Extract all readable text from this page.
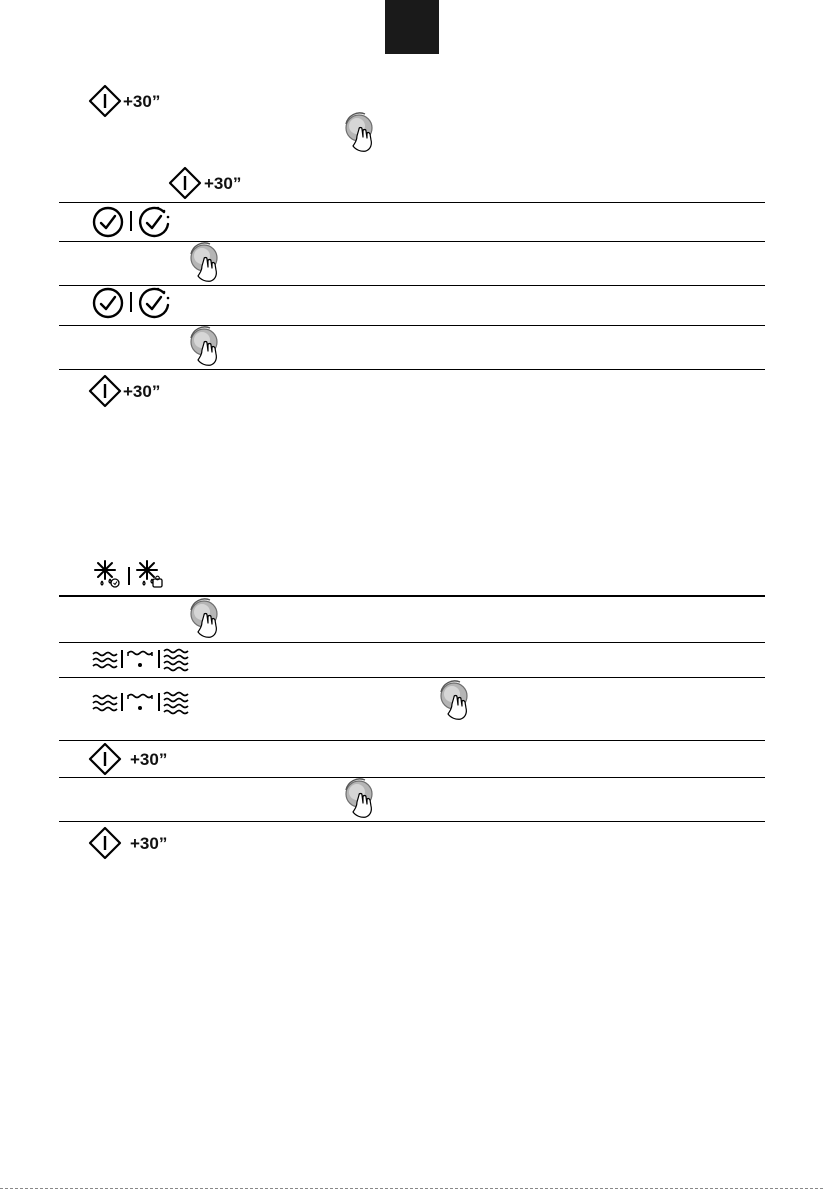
+30”
+30”
+30”
+30”
+30”
